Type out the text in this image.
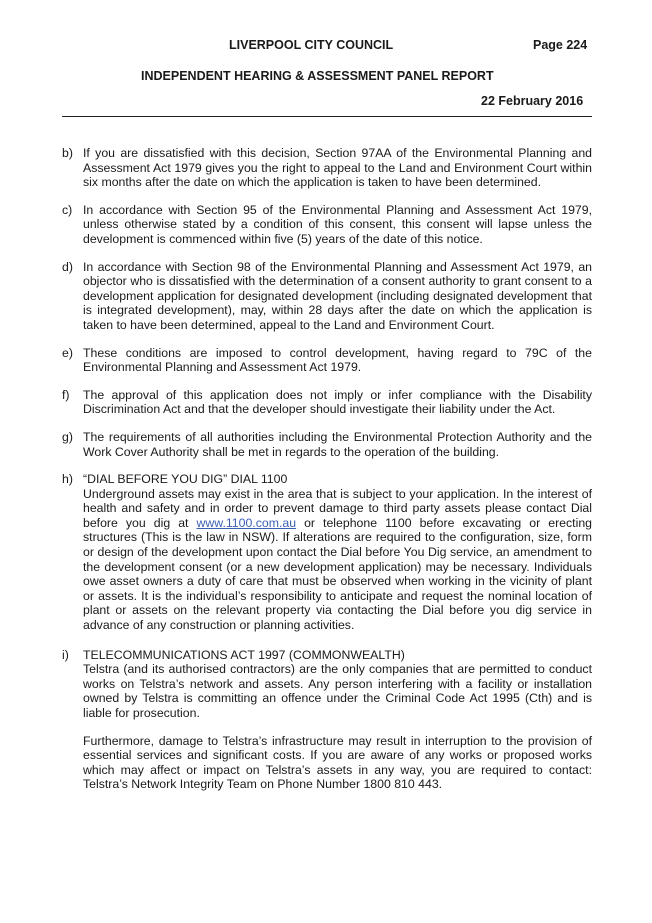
LIVERPOOL CITY COUNCIL	Page 224
INDEPENDENT HEARING & ASSESSMENT PANEL REPORT
22 February 2016
b) If you are dissatisfied with this decision, Section 97AA of the Environmental Planning and Assessment Act 1979 gives you the right to appeal to the Land and Environment Court within six months after the date on which the application is taken to have been determined.

c) In accordance with Section 95 of the Environmental Planning and Assessment Act 1979, unless otherwise stated by a condition of this consent, this consent will lapse unless the development is commenced within five (5) years of the date of this notice.

d) In accordance with Section 98 of the Environmental Planning and Assessment Act 1979, an objector who is dissatisfied with the determination of a consent authority to grant consent to a development application for designated development (including designated development that is integrated development), may, within 28 days after the date on which the application is taken to have been determined, appeal to the Land and Environment Court.

e) These conditions are imposed to control development, having regard to 79C of the Environmental Planning and Assessment Act 1979.

f)	The approval of this application does not imply or infer compliance with the Disability Discrimination Act and that the developer should investigate their liability under the Act.

g) The requirements of all authorities including the Environmental Protection Authority and the Work Cover Authority shall be met in regards to the operation of the building.

h) “DIAL BEFORE YOU DIG” DIAL 1100

Underground assets may exist in the area that is subject to your application. In the interest of health and safety and in order to prevent damage to third party assets please contact Dial before you dig at www.1100.com.au or telephone 1100 before excavating or erecting structures (This is the law in NSW). If alterations are required to the configuration, size, form or design of the development upon contact the Dial before You Dig service, an amendment to the development consent (or a new development application) may be necessary. Individuals owe asset owners a duty of care that must be observed when working in the vicinity of plant or assets. It is the individual’s responsibility to anticipate and request the nominal location of plant or assets on the relevant property via contacting the Dial before you dig service in advance of any construction or planning activities.

i)	TELECOMMUNICATIONS ACT 1997 (COMMONWEALTH)

Telstra (and its authorised contractors) are the only companies that are permitted to conduct works on Telstra’s network and assets. Any person interfering with a facility or installation owned by Telstra is committing an offence under the Criminal Code Act 1995 (Cth) and is liable for prosecution.

Furthermore, damage to Telstra’s infrastructure may result in interruption to the provision of essential services and significant costs. If you are aware of any works or proposed works which may affect or impact on Telstra’s assets in any way, you are required to contact: Telstra’s Network Integrity Team on Phone Number 1800 810 443.
